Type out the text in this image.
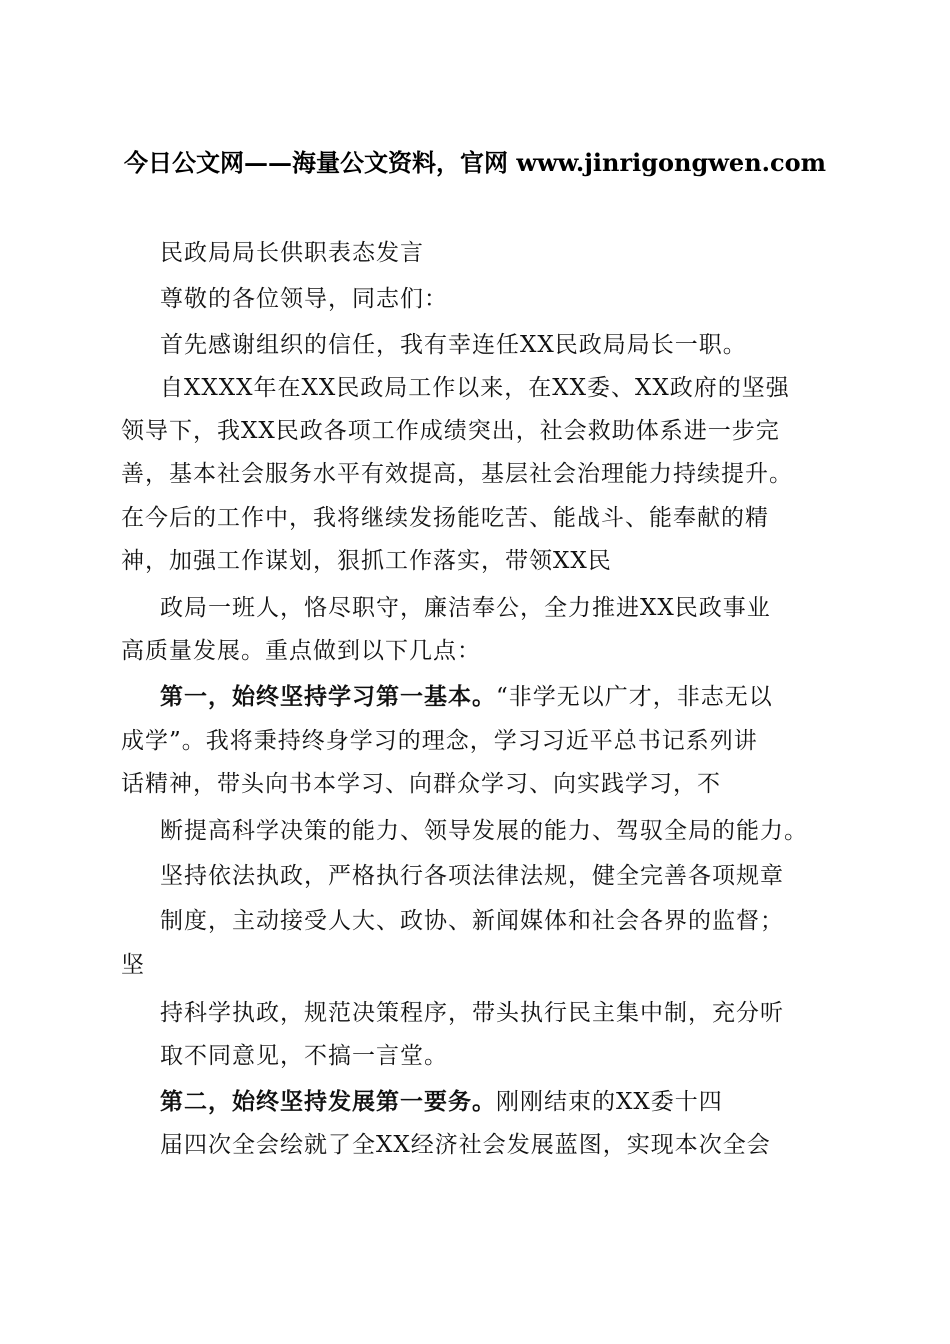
今日公文网——海量公文资料，官网 www.jinrigongwen.com
民政局局长供职表态发言
尊敬的各位领导，同志们：
首先感谢组织的信任，我有幸连任XX民政局局长一职。
自XXXX年在XX民政局工作以来，在XX委、XX政府的坚强
领导下，我XX民政各项工作成绩突出，社会救助体系进一步完
善，基本社会服务水平有效提高，基层社会治理能力持续提升。
在今后的工作中，我将继续发扬能吃苦、能战斗、能奉献的精
神，加强工作谋划，狠抓工作落实，带领XX民
政局一班人，恪尽职守，廉洁奉公，全力推进XX民政事业
高质量发展。重点做到以下几点：
第一，始终坚持学习第一基本。“非学无以广才，非志无以
成学”。我将秉持终身学习的理念，学习习近平总书记系列讲
话精神，带头向书本学习、向群众学习、向实践学习，不
断提高科学决策的能力、领导发展的能力、驾驭全局的能力。
坚持依法执政，严格执行各项法律法规，健全完善各项规章
制度，主动接受人大、政协、新闻媒体和社会各界的监督；
坚
持科学执政，规范决策程序，带头执行民主集中制，充分听
取不同意见，不搞一言堂。
第二，始终坚持发展第一要务。刚刚结束的XX委十四
届四次全会绘就了全XX经济社会发展蓝图，实现本次全会
